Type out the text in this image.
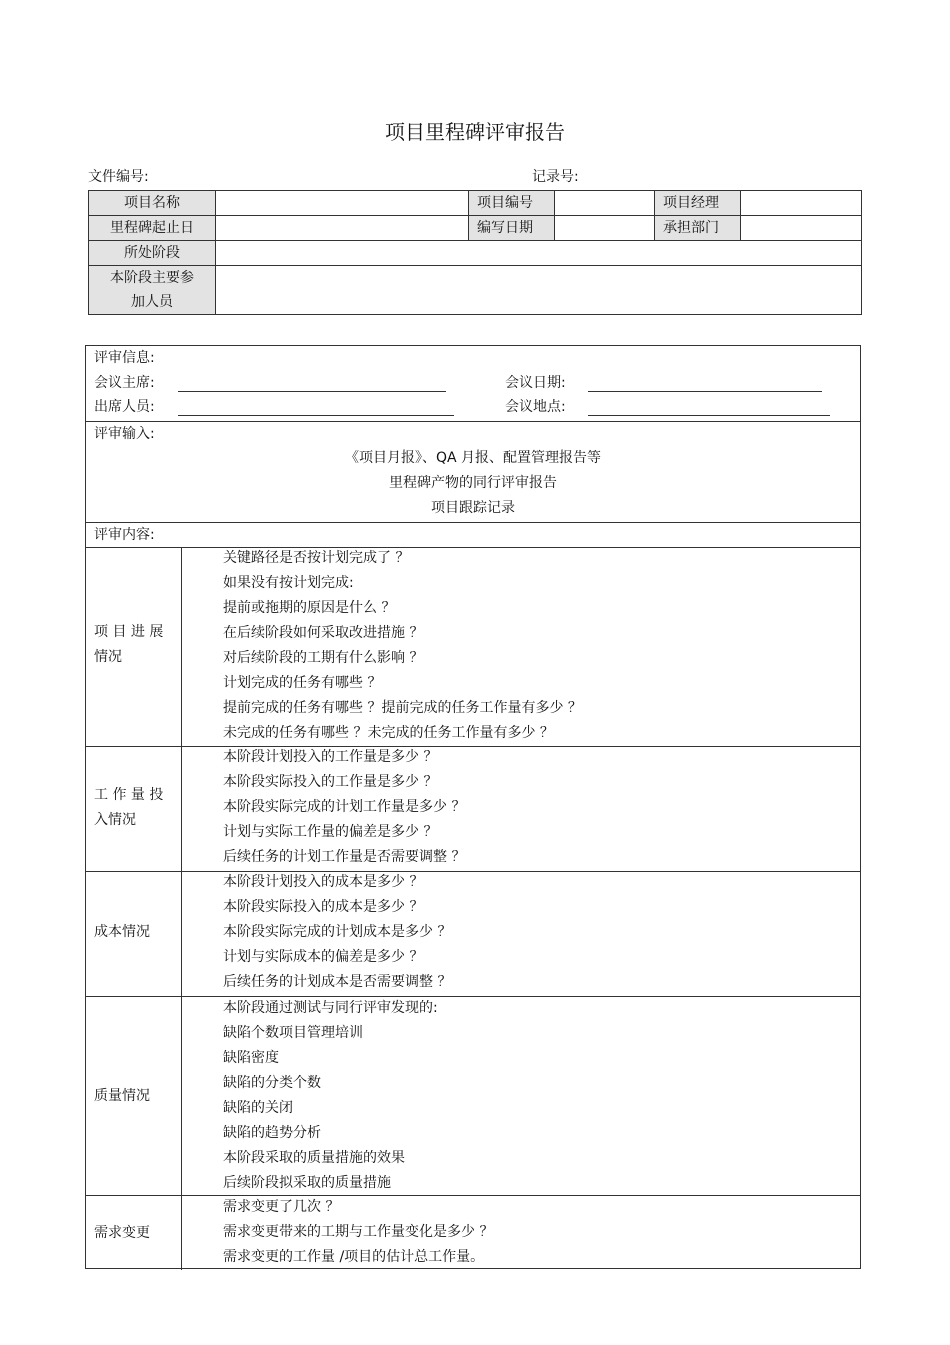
项目里程碑评审报告
文件编号:	记录号:
项目名称		项目编号		项目经理	
里程碑起止日		编写日期		承担部门	
所处阶段					

本阶段主要参
加人员					

评审信息:
会议主席:	会议日期:
出席人员:	会议地点:
评审输入:
《项目月报》、QA 月报、配置管理报告等
里程碑产物的同行评审报告
项目跟踪记录
评审内容:
项 目 进 展 情况
关键路径是否按计划完成了 ？
如果没有按计划完成:
提前或拖期的原因是什么 ？
在后续阶段如何采取改进措施 ？
对后续阶段的工期有什么影响 ？
计划完成的任务有哪些 ？
提前完成的任务有哪些 ？提前完成的任务工作量有多少 ？
未完成的任务有哪些 ？未完成的任务工作量有多少 ？
工 作 量 投 入情况
本阶段计划投入的工作量是多少 ？
本阶段实际投入的工作量是多少 ？
本阶段实际完成的计划工作量是多少 ？
计划与实际工作量的偏差是多少 ？
后续任务的计划工作量是否需要调整 ？
成本情况
本阶段计划投入的成本是多少 ？
本阶段实际投入的成本是多少 ？
本阶段实际完成的计划成本是多少 ？
计划与实际成本的偏差是多少 ？
后续任务的计划成本是否需要调整 ？
质量情况
本阶段通过测试与同行评审发现的:
缺陷个数项目管理培训
缺陷密度
缺陷的分类个数
缺陷的关闭
缺陷的趋势分析
本阶段采取的质量措施的效果
后续阶段拟采取的质量措施
需求变更
需求变更了几次 ？
需求变更带来的工期与工作量变化是多少 ？
需求变更的工作量 /项目的估计总工作量。
